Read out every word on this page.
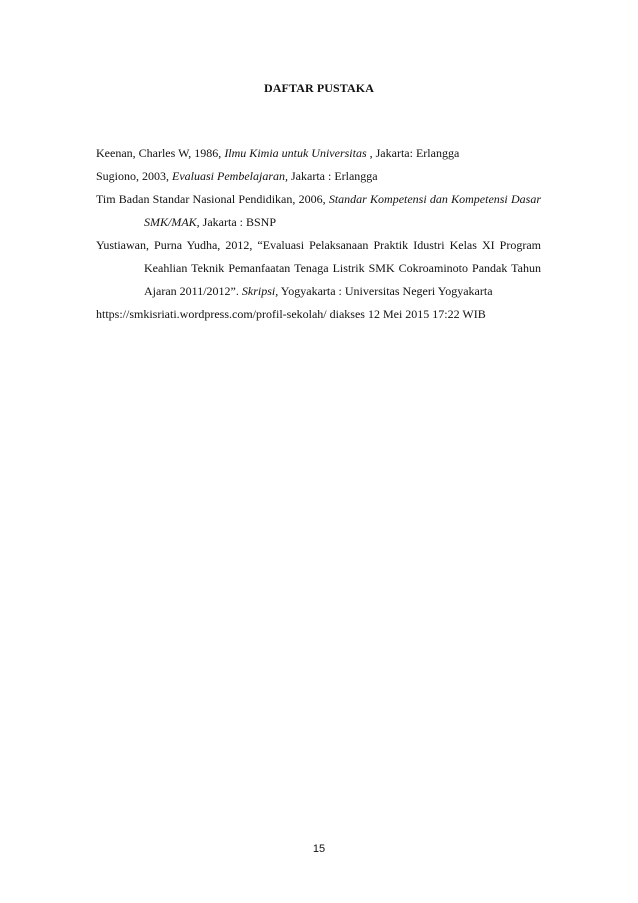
DAFTAR PUSTAKA
Keenan, Charles W, 1986, Ilmu Kimia untuk Universitas , Jakarta: Erlangga
Sugiono, 2003, Evaluasi Pembelajaran, Jakarta : Erlangga
Tim Badan Standar Nasional Pendidikan, 2006, Standar Kompetensi dan Kompetensi Dasar SMK/MAK, Jakarta : BSNP
Yustiawan, Purna Yudha, 2012, “Evaluasi Pelaksanaan Praktik Idustri Kelas XI Program Keahlian Teknik Pemanfaatan Tenaga Listrik SMK Cokroaminoto Pandak Tahun Ajaran 2011/2012”. Skripsi, Yogyakarta : Universitas Negeri Yogyakarta
https://smkisriati.wordpress.com/profil-sekolah/ diakses 12 Mei 2015 17:22 WIB
15
